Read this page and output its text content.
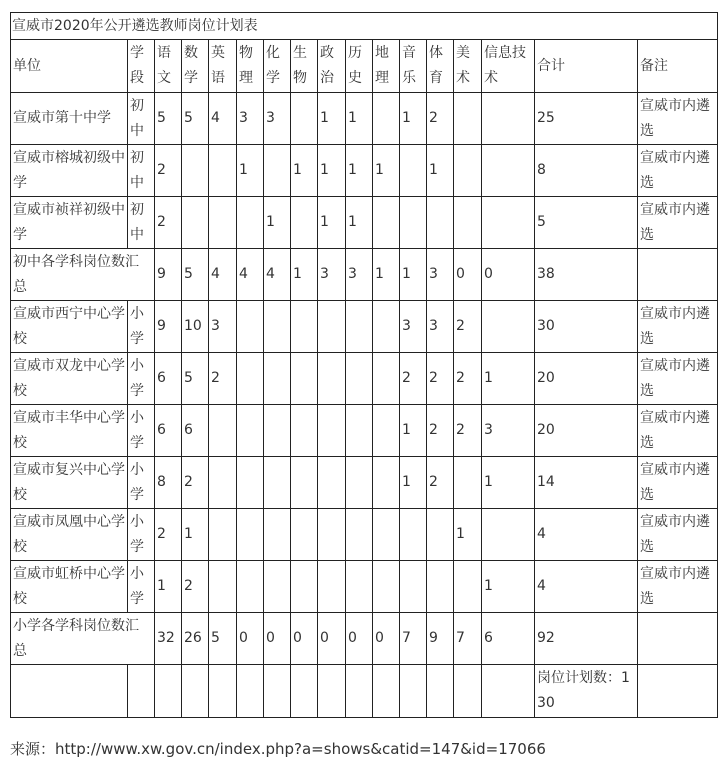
宣威市2020年公开遴选教师岗位计划表																
单位	学段	语文	数学	英语	物理	化学	生物	政治	历史	地理	音乐	体育	美术	信息技术	合计	备注
宣威市第十中学	初中	5	5	4	3	3		1	1		1	2			25	宣威市内遴选
宣威市榕城初级中学	初中	2			1		1	1	1	1		1			8	宣威市内遴选
宣威市祯祥初级中学	初中	2				1		1	1						5	宣威市内遴选
初中各学科岗位数汇总		9	5	4	4	4	1	3	3	1	1	3	0	0	38	
宣威市西宁中心学校	小学	9	10	3							3	3	2		30	宣威市内遴选
宣威市双龙中心学校	小学	6	5	2							2	2	2	1	20	宣威市内遴选
宣威市丰华中心学校	小学	6	6								1	2	2	3	20	宣威市内遴选
宣威市复兴中心学校	小学	8	2								1	2		1	14	宣威市内遴选
宣威市凤凰中心学校	小学	2	1										1		4	宣威市内遴选
宣威市虹桥中心学校	小学	1	2											1	4	宣威市内遴选
小学各学科岗位数汇总		32	26	5	0	0	0	0	0	0	7	9	7	6	92	
															岗位计划数：130	
来源：http://www.xw.gov.cn/index.php?a=shows&catid=147&id=17066
